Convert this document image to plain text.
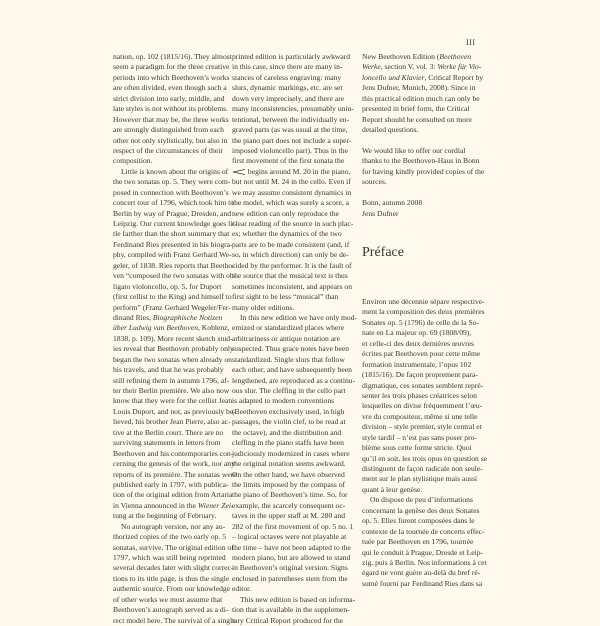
III
nation, op. 102 (1815/16). They almost
seem a paradigm for the three creative
periods into which Beethoven’s works
are often divided, even though such a
strict division into early, middle, and
late styles is not without its problems.
However that may be, the three works
are strongly distinguished from each
other not only stylistically, but also in
respect of the circumstances of their
composition.
Little is known about the origins of
the two sonatas op. 5. They were com-
posed in connection with Beethoven’s
concert tour of 1796, which took him to
Berlin by way of Prague, Dresden, and
Leipzig. Our current knowledge goes lit-
tle farther than the short summary that
Ferdinand Ries presented in his biogra-
phy, compiled with Franz Gerhard We-
geler, of 1838. Ries reports that Beetho-
ven “composed the two sonatas with ob-
ligato violoncello, op. 5, for Duport
(first cellist to the King) and himself to
perform” (Franz Gerhard Wegeler/Fer-
dinand Ries, Biographische Notizen
über Ludwig van Beethoven, Koblenz,
1838, p. 109). More recent sketch stud-
ies reveal that Beethoven probably only
began the two sonatas when already on
his travels, and that he was probably
still refining them in autumn 1796, af-
ter their Berlin première. We also now
know that they were for the cellist Jean
Louis Duport, and not, as previously be-
lieved, his brother Jean Pierre, also ac-
tive at the Berlin court. There are no
surviving statements in letters from
Beethoven and his contemporaries con-
cerning the genesis of the work, nor any
reports of its première. The sonatas were
published early in 1797, with publica-
tion of the original edition from Artaria
in Vienna announced in the Wiener Zei-
tung at the beginning of February.
No autograph version, nor any au-
thorized copies of the two early op. 5
sonatas, survive. The original edition of
1797, which was still being reprinted
several decades later with slight correc-
tions to its title page, is thus the single
authentic source. From our knowledge
of other works we must assume that
Beethoven’s autograph served as a di-
rect model here. The survival of a single
printed edition is particularly awkward
in this case, since there are many in-
stances of careless engraving: many
slurs, dynamic markings, etc. are set
down very imprecisely, and there are
many inconsistencies, presumably unin-
tentional, between the individually en-
graved parts (as was usual at the time,
the piano part does not include a super-
imposed violoncello part). Thus in the
first movement of the first sonata the
begins around M. 20 in the piano,
but not until M. 24 in the cello. Even if
we may assume consistent dynamics in
the model, which was surely a score, a
new edition can only reproduce the
clear reading of the source in such plac-
es; whether the dynamics of the two
parts are to be made consistent (and, if
so, in which direction) can only be de-
cided by the performer. It is the fault of
the source that the musical text is thus
sometimes inconsistent, and appears on
first sight to be less “musical” than
many older editions.
In this new edition we have only mod-
ernized or standardized places where
arbitrariness or antique notation are
suspected. Thus grace notes have been
standardized. Single slurs that follow
each other, and have subsequently been
lengthened, are reproduced as a continu-
ous slur. The cleffing in the cello part
is adapted to modern conventions
(Beethoven exclusively used, in high
passages, the violin clef, to be read at
the octave), and the distribution and
cleffing in the piano staffs have been
judiciously modernized in cases where
the original notation seems awkward.
On the other hand, we have observed
the limits imposed by the compass of
the piano of Beethoven’s time. So, for
example, the scarcely consequent oc-
taves in the upper staff at M. 280 and
282 of the first movement of op. 5 no. 1
– logical octaves were not playable at
the time – have not been adapted to the
modern piano, but are allowed to stand
in Beethoven’s original version. Signs
enclosed in parentheses stem from the
editor.
This new edition is based on informa-
tion that is available in the supplemen-
tary Critical Report produced for the
New Beethoven Edition (Beethoven
Werke, section V, vol. 3: Werke für Vio-
loncello und Klavier, Critical Report by
Jens Dufner, Munich, 2008). Since in
this practical edition much can only be
presented in brief form, the Critical
Report should be consulted on more
detailed questions.
We would like to offer our cordial
thanks to the Beethoven-Haus in Bonn
for having kindly provided copies of the
sources.
Bonn, autumn 2008
Jens Dufner
Préface
Environ une décennie sépare respective-
ment la composition des deux premières
Sonates op. 5 (1796) de celle de la So-
nate en La majeur op. 69 (1808/09),
et celle-ci des deux dernières œuvres
écrites par Beethoven pour cette même
formation instrumentale, l’opus 102
(1815/16). De façon proprement para-
digmatique, ces sonates semblent repré-
senter les trois phases créatrices selon
lesquelles on divise fréquemment l’œu-
vre du compositeur, même si une telle
division – style premier, style central et
style tardif – n’est pas sans poser pro-
blème sous cette forme stricte. Quoi
qu’il en soit, les trois opus en question se
distinguent de façon radicale non seule-
ment sur le plan stylistique mais aussi
quant à leur genèse.
On dispose de peu d’informations
concernant la genèse des deux Sonates
op. 5. Elles furent composées dans le
contexte de la tournée de concerts effec-
tuée par Beethoven en 1796, tournée
qui le conduit à Prague, Dresde et Leip-
zig, puis à Berlin. Nos informations à cet
égard ne vont guère au-delà du bref ré-
sumé fourni par Ferdinand Ries dans sa
